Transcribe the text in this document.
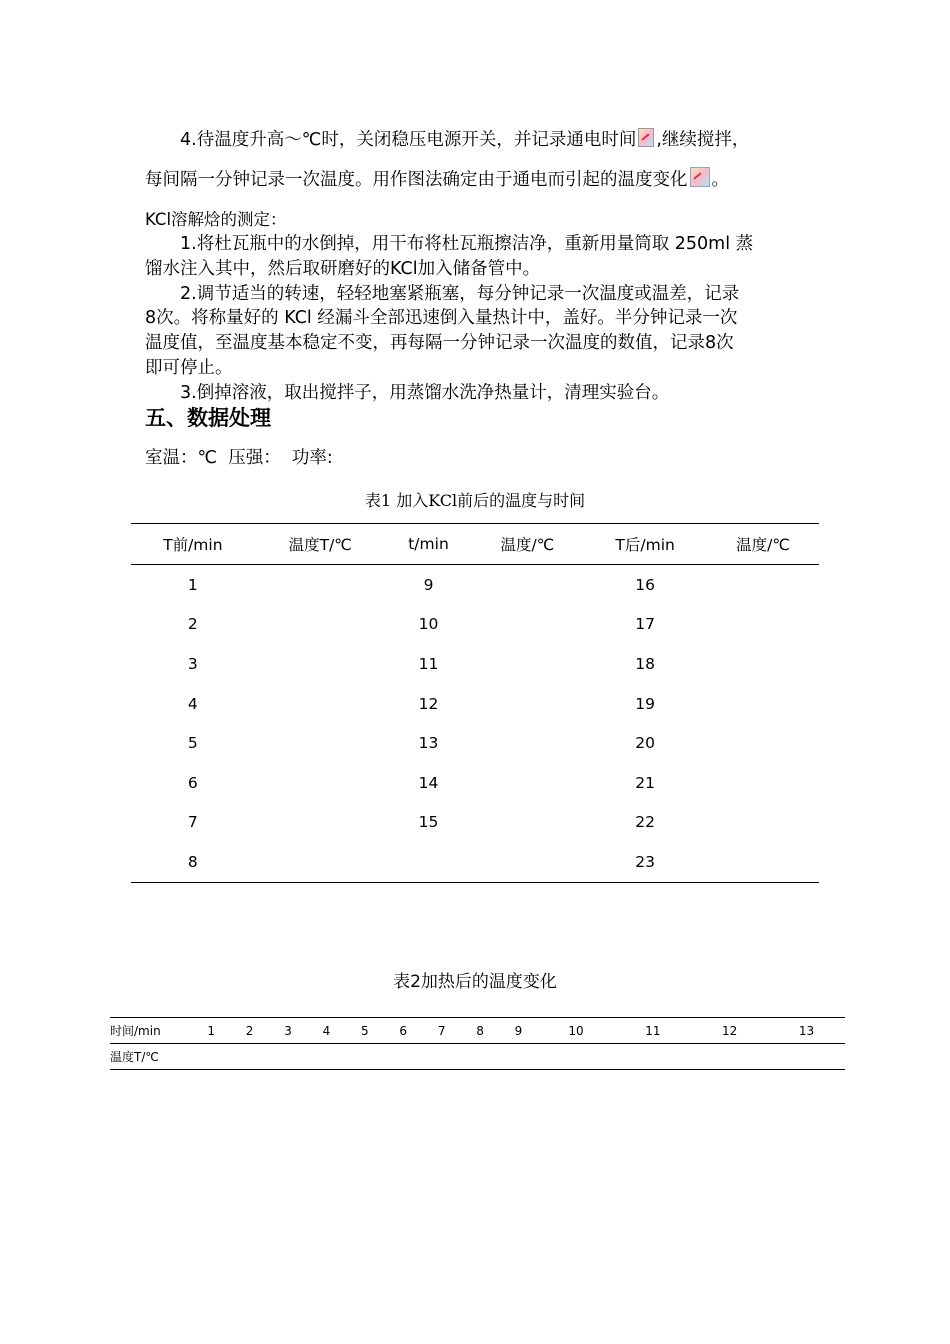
4.待温度升高～℃时，关闭稳压电源开关，并记录通电时间 ,继续搅拌，
每间隔一分钟记录一次温度。用作图法确定由于通电而引起的温度变化 。
KCl溶解焓的测定：
1.将杜瓦瓶中的水倒掉，用干布将杜瓦瓶擦洁净，重新用量筒取 250ml 蒸
馏水注入其中，然后取研磨好的KCl加入储备管中。
2.调节适当的转速，轻轻地塞紧瓶塞，每分钟记录一次温度或温差，记录
8次。将称量好的 KCl 经漏斗全部迅速倒入量热计中，盖好。半分钟记录一次
温度值，至温度基本稳定不变，再每隔一分钟记录一次温度的数值，记录8次
即可停止。
3.倒掉溶液，取出搅拌子，用蒸馏水洗净热量计，清理实验台。
五、数据处理
室温：℃  压强：  功率:
表1 加入KCl前后的温度与时间
T前/min	温度T/℃	t/min	温度/℃	T后/min	温度/℃
1		9		16	
2		10		17	
3		11		18	
4		12		19	
5		13		20	
6		14		21	
7		15		22	
8				23	
表2加热后的温度变化
时间/min	1	2	3	4	5	6	7	8	9	10	11	12	13
温度T/℃													
